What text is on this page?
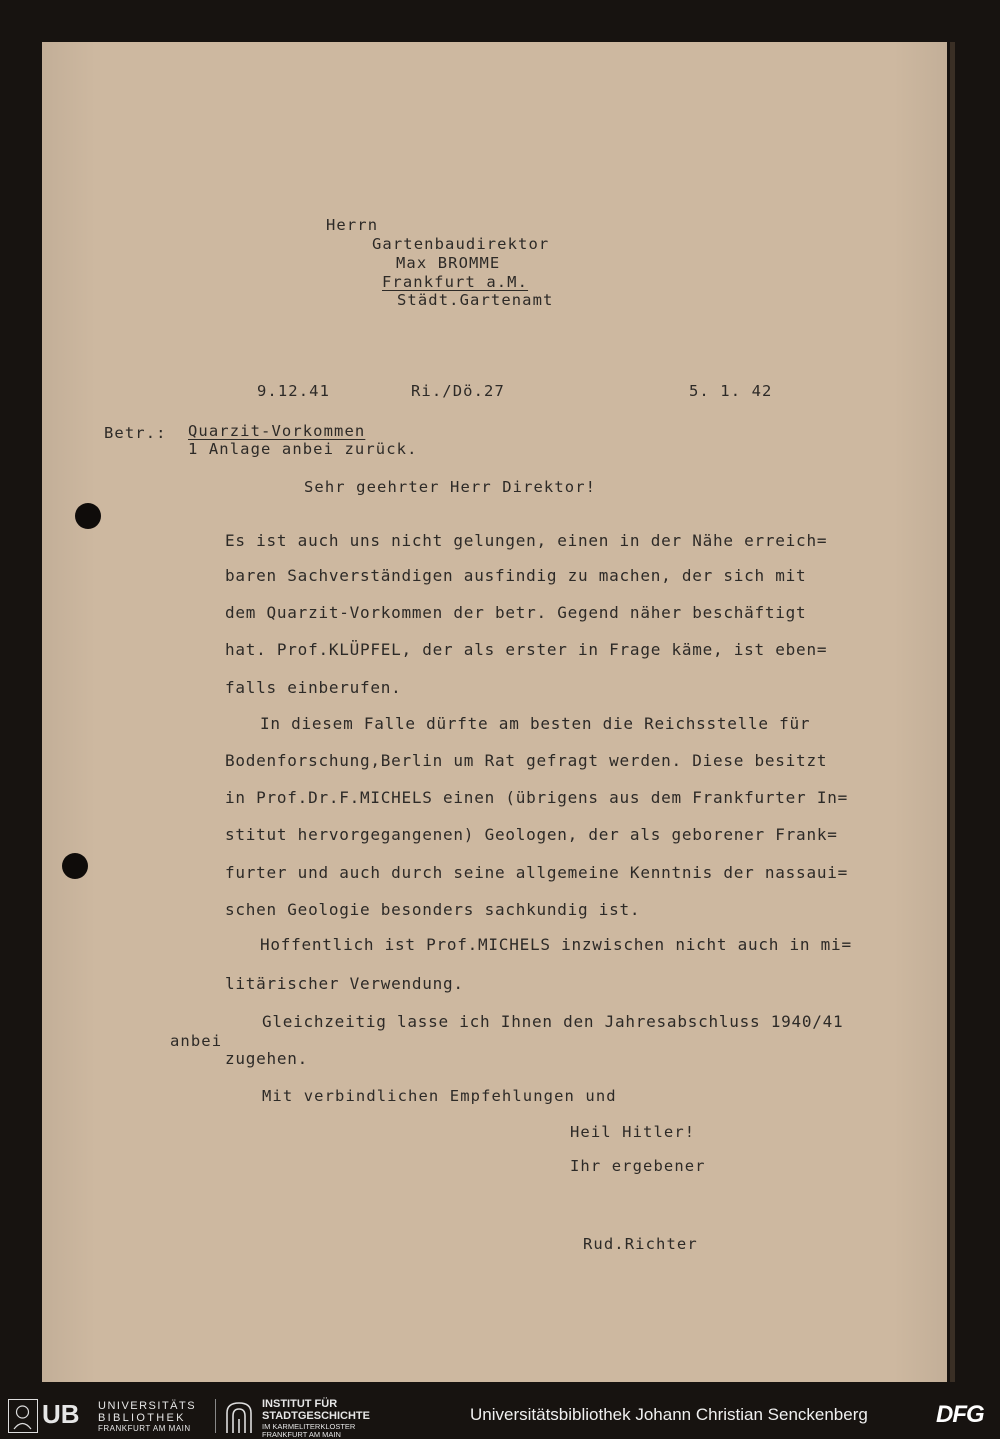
Herrn
Gartenbaudirektor
Max BROMME
Frankfurt a.M.
Städt.Gartenamt
9.12.41	Ri./Dö.27	5. 1. 42
Betr.: Quarzit-Vorkommen
1 Anlage anbei zurück.
Sehr geehrter Herr Direktor!
Es ist auch uns nicht gelungen, einen in der Nähe erreich=
baren Sachverständigen ausfindig zu machen, der sich mit
dem Quarzit-Vorkommen der betr. Gegend näher beschäftigt
hat. Prof.KLÜPFEL, der als erster in Frage käme, ist eben=
falls einberufen.
In diesem Falle dürfte am besten die Reichsstelle für
Bodenforschung,Berlin um Rat gefragt werden. Diese besitzt
in Prof.Dr.F.MICHELS einen (übrigens aus dem Frankfurter In=
stitut hervorgegangenen) Geologen, der als geborener Frank=
furter und auch durch seine allgemeine Kenntnis der nassaui=
schen Geologie besonders sachkundig ist.
Hoffentlich ist Prof.MICHELS inzwischen nicht auch in mi=
litärischer Verwendung.
Gleichzeitig lasse ich Ihnen den Jahresabschluss 1940/41
anbei
zugehen.
Mit verbindlichen Empfehlungen und
Heil Hitler!
Ihr ergebener
Rud.Richter
UB UNIVERSITÄTS
BIBLIOTHEK
FRANKFURT AM MAIN
INSTITUT FÜR
STADTGESCHICHTE
IM KARMELITERKLOSTER
FRANKFURT AM MAIN
Universitätsbibliothek Johann Christian Senckenberg	DFG
